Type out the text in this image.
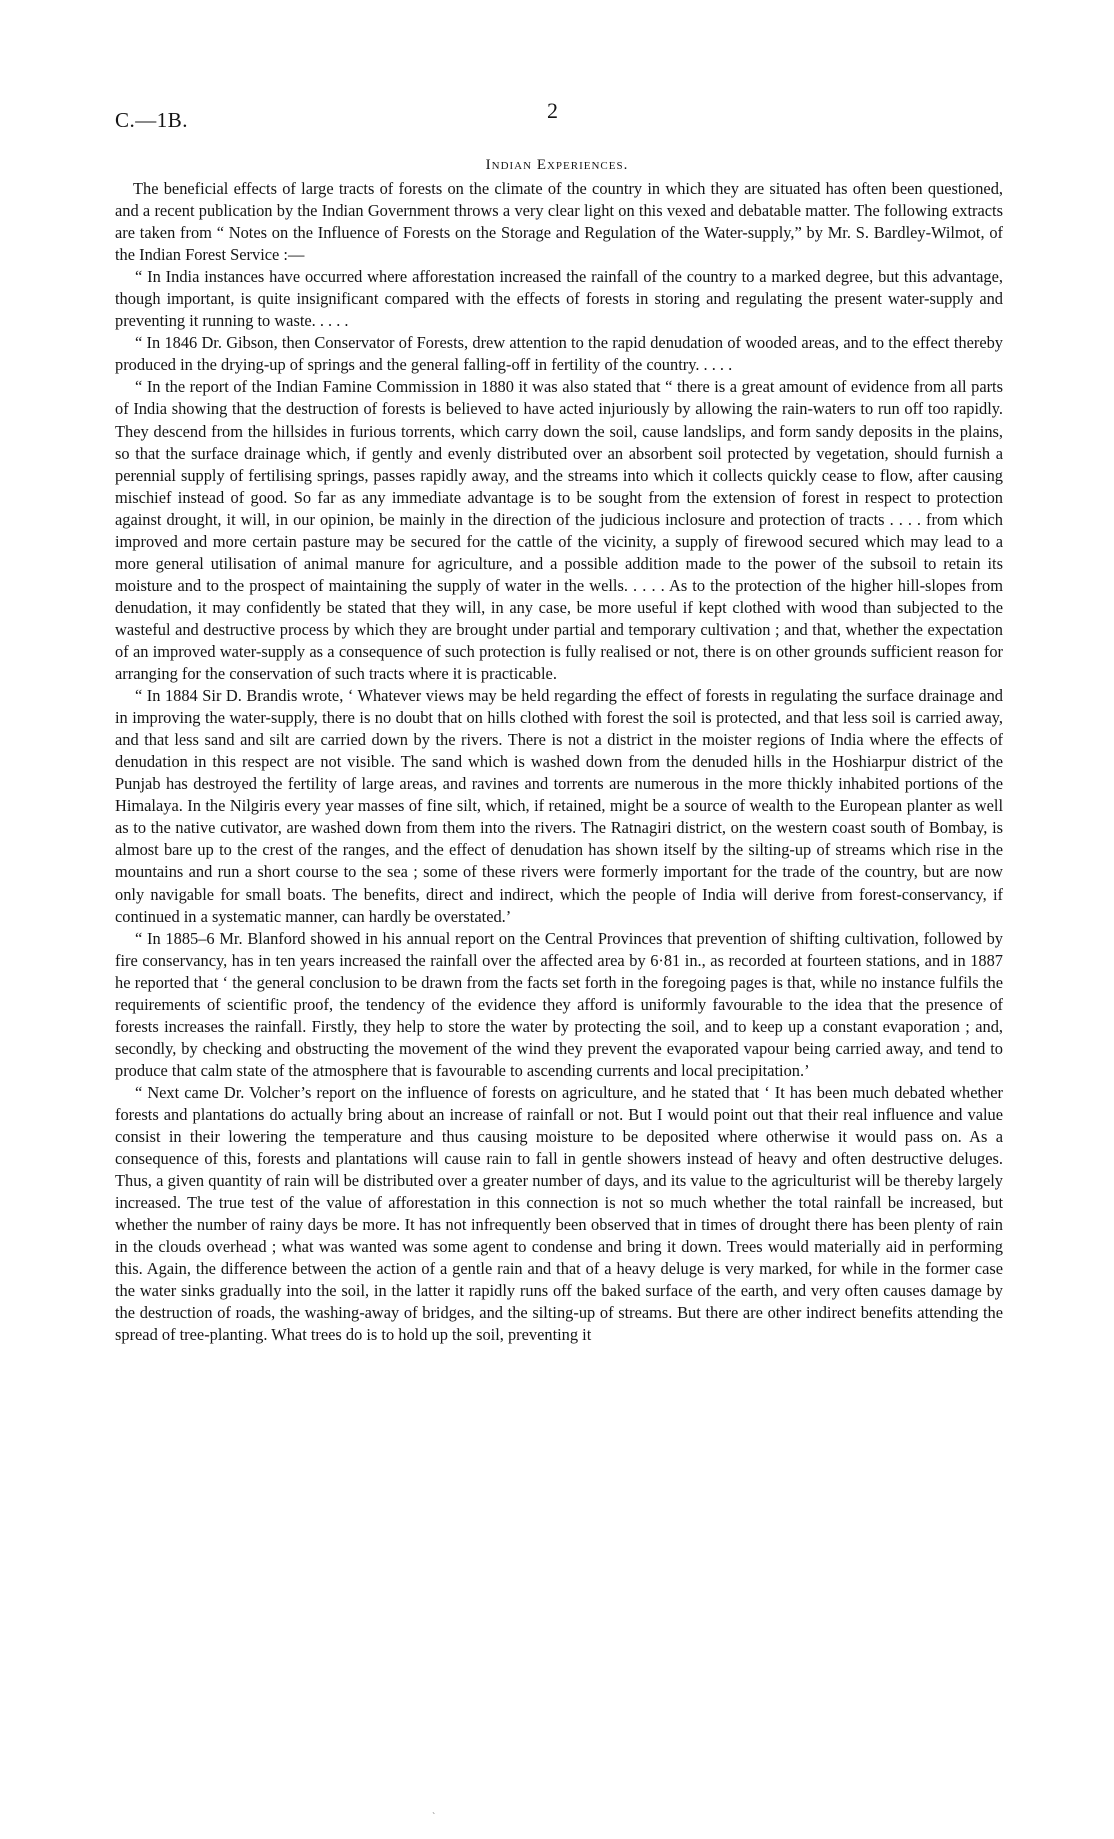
C.—1B.	2
Indian Experiences.

The beneficial effects of large tracts of forests on the climate of the country in which they are situated has often been questioned, and a recent publication by the Indian Government throws a very clear light on this vexed and debatable matter. The following extracts are taken from “ Notes on the Influence of Forests on the Storage and Regulation of the Water-supply,” by Mr. S. Bardley-Wilmot, of the Indian Forest Service :—

“ In India instances have occurred where afforestation increased the rainfall of the country to a marked degree, but this advantage, though important, is quite insignificant compared with the effects of forests in storing and regulating the present water-supply and preventing it running to waste. . . . .

“ In 1846 Dr. Gibson, then Conservator of Forests, drew attention to the rapid denudation of wooded areas, and to the effect thereby produced in the drying-up of springs and the general falling-off in fertility of the country. . . . .

“ In the report of the Indian Famine Commission in 1880 it was also stated that “ there is a great amount of evidence from all parts of India showing that the destruction of forests is believed to have acted injuriously by allowing the rain-waters to run off too rapidly. They descend from the hillsides in furious torrents, which carry down the soil, cause landslips, and form sandy deposits in the plains, so that the surface drainage which, if gently and evenly distributed over an absorbent soil protected by vegetation, should furnish a perennial supply of fertilising springs, passes rapidly away, and the streams into which it collects quickly cease to flow, after causing mischief instead of good. So far as any immediate advantage is to be sought from the extension of forest in respect to protection against drought, it will, in our opinion, be mainly in the direction of the judicious inclosure and protection of tracts . . . . from which improved and more certain pasture may be secured for the cattle of the vicinity, a supply of firewood secured which may lead to a more general utilisation of animal manure for agriculture, and a possible addition made to the power of the subsoil to retain its moisture and to the prospect of maintaining the supply of water in the wells. . . . . As to the protection of the higher hill-slopes from denudation, it may confidently be stated that they will, in any case, be more useful if kept clothed with wood than subjected to the wasteful and destructive process by which they are brought under partial and temporary cultivation ; and that, whether the expectation of an improved water-supply as a consequence of such protection is fully realised or not, there is on other grounds sufficient reason for arranging for the conservation of such tracts where it is practicable.

“ In 1884 Sir D. Brandis wrote, ‘ Whatever views may be held regarding the effect of forests in regulating the surface drainage and in improving the water-supply, there is no doubt that on hills clothed with forest the soil is protected, and that less soil is carried away, and that less sand and silt are carried down by the rivers. There is not a district in the moister regions of India where the effects of denudation in this respect are not visible. The sand which is washed down from the denuded hills in the Hoshiarpur district of the Punjab has destroyed the fertility of large areas, and ravines and torrents are numerous in the more thickly inhabited portions of the Himalaya. In the Nilgiris every year masses of fine silt, which, if retained, might be a source of wealth to the European planter as well as to the native cutivator, are washed down from them into the rivers. The Ratnagiri district, on the western coast south of Bombay, is almost bare up to the crest of the ranges, and the effect of denudation has shown itself by the silting-up of streams which rise in the mountains and run a short course to the sea ; some of these rivers were formerly important for the trade of the country, but are now only navigable for small boats. The benefits, direct and indirect, which the people of India will derive from forest-conservancy, if continued in a systematic manner, can hardly be overstated.’

“ In 1885–6 Mr. Blanford showed in his annual report on the Central Provinces that prevention of shifting cultivation, followed by fire conservancy, has in ten years increased the rainfall over the affected area by 6·81 in., as recorded at fourteen stations, and in 1887 he reported that ‘ the general conclusion to be drawn from the facts set forth in the foregoing pages is that, while no instance fulfils the requirements of scientific proof, the tendency of the evidence they afford is uniformly favourable to the idea that the presence of forests increases the rainfall. Firstly, they help to store the water by protecting the soil, and to keep up a constant evaporation ; and, secondly, by checking and obstructing the movement of the wind they prevent the evaporated vapour being carried away, and tend to produce that calm state of the atmosphere that is favourable to ascending currents and local precipitation.’

“ Next came Dr. Volcher’s report on the influence of forests on agriculture, and he stated that ‘ It has been much debated whether forests and plantations do actually bring about an increase of rainfall or not. But I would point out that their real influence and value consist in their lowering the temperature and thus causing moisture to be deposited where otherwise it would pass on. As a consequence of this, forests and plantations will cause rain to fall in gentle showers instead of heavy and often destructive deluges. Thus, a given quantity of rain will be distributed over a greater number of days, and its value to the agriculturist will be thereby largely increased. The true test of the value of afforestation in this connection is not so much whether the total rainfall be increased, but whether the number of rainy days be more. It has not infrequently been observed that in times of drought there has been plenty of rain in the clouds overhead ; what was wanted was some agent to condense and bring it down. Trees would materially aid in performing this. Again, the difference between the action of a gentle rain and that of a heavy deluge is very marked, for while in the former case the water sinks gradually into the soil, in the latter it rapidly runs off the baked surface of the earth, and very often causes damage by the destruction of roads, the washing-away of bridges, and the silting-up of streams. But there are other indirect benefits attending the spread of tree-planting. What trees do is to hold up the soil, preventing it

`
